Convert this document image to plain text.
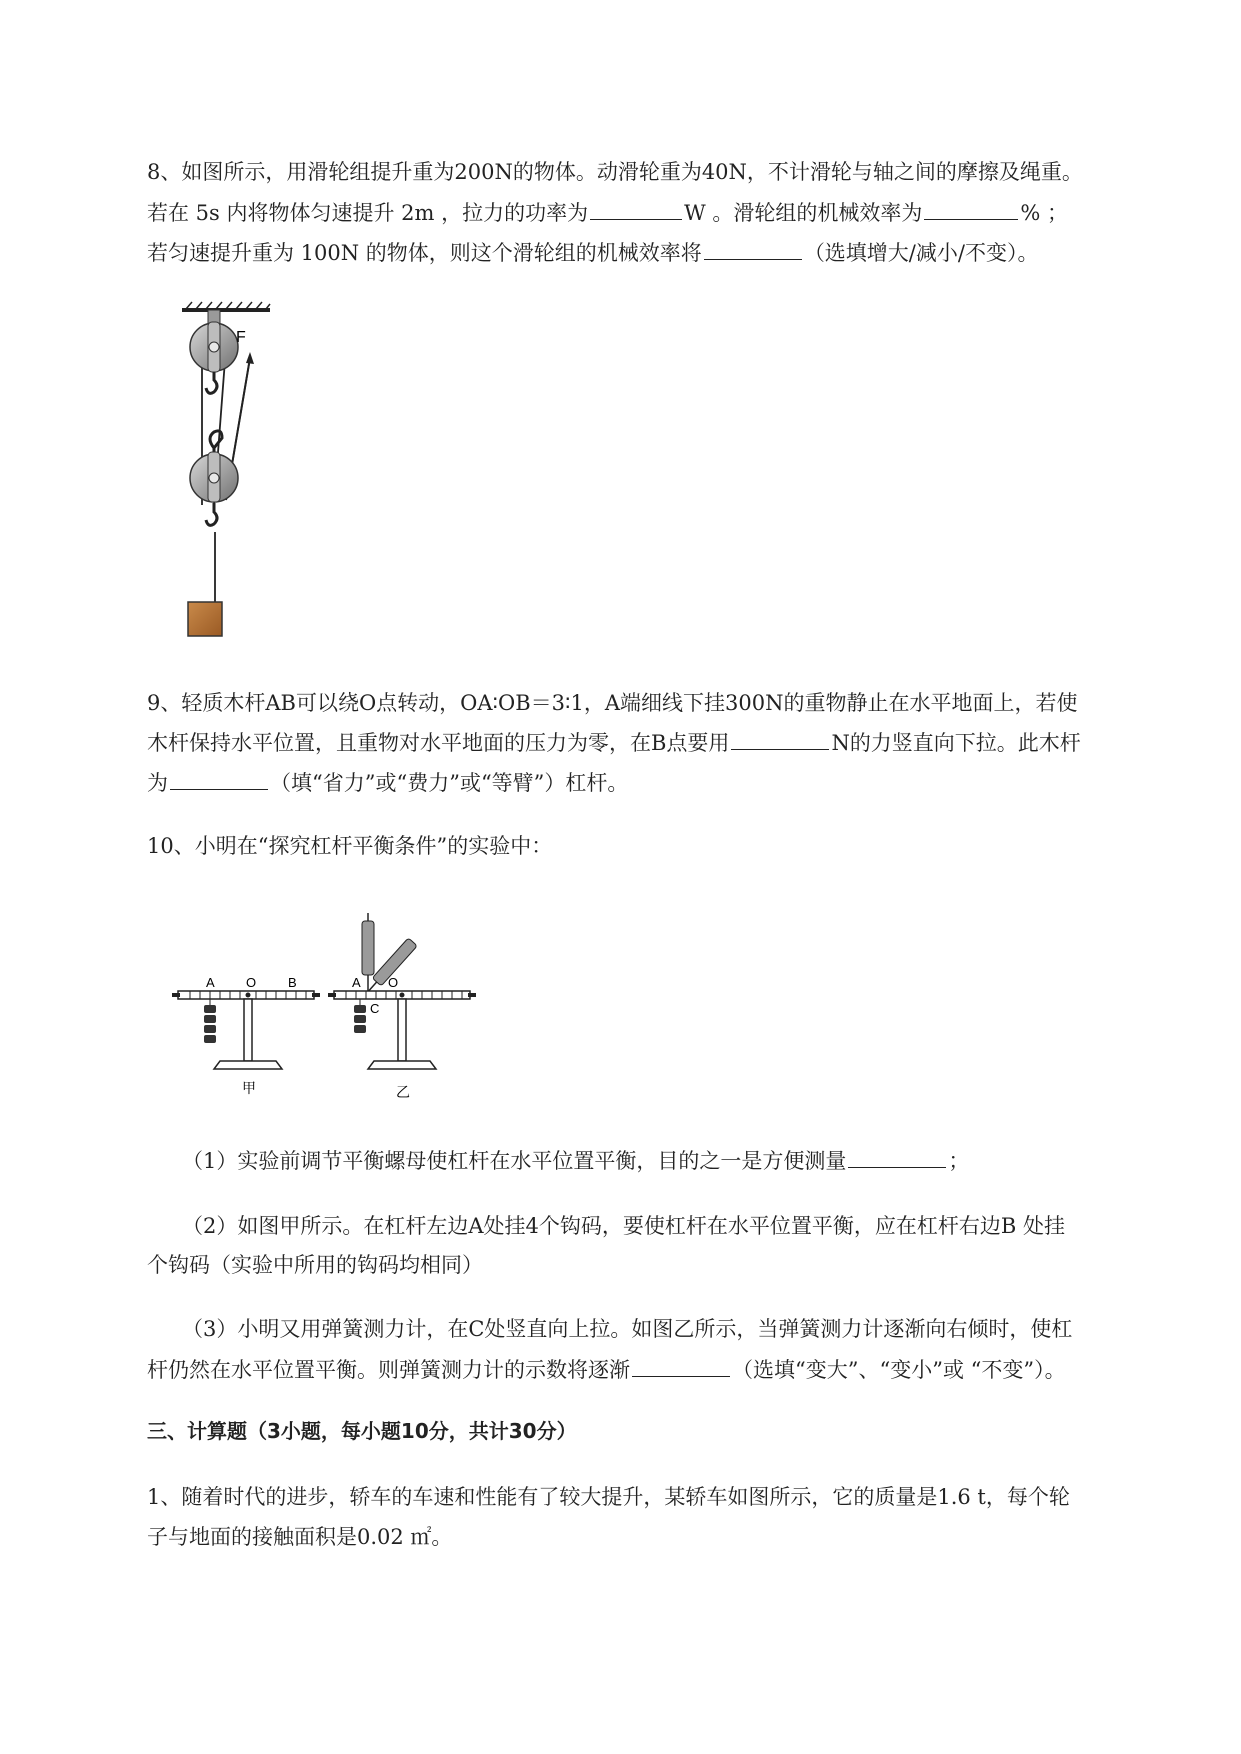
8、如图所示，用滑轮组提升重为200N的物体。动滑轮重为40N，不计滑轮与轴之间的摩擦及绳重。
若在 5s 内将物体匀速提升 2m ，拉力的功率为	W 。滑轮组的机械效率为	% ；
若匀速提升重为 100N 的物体，则这个滑轮组的机械效率将	（选填增大/减小/不变）。
F
9、轻质木杆AB可以绕O点转动，OA∶OB＝3∶1，A端细线下挂300N的重物静止在水平地面上，若使
木杆保持水平位置，且重物对水平地面的压力为零，在B点要用	N的力竖直向下拉。此木杆
为	（填“省力”或“费力”或“等臂”）杠杆。
10、小明在“探究杠杆平衡条件”的实验中：
A O B
甲
A O
C
乙
（1）实验前调节平衡螺母使杠杆在水平位置平衡，目的之一是方便测量	；
（2）如图甲所示。在杠杆左边A处挂4个钩码，要使杠杆在水平位置平衡，应在杠杆右边B 处挂
个钩码（实验中所用的钩码均相同）
（3）小明又用弹簧测力计，在C处竖直向上拉。如图乙所示，当弹簧测力计逐渐向右倾时，使杠
杆仍然在水平位置平衡。则弹簧测力计的示数将逐渐	（选填“变大”、“变小”或 “不变”）。
三、计算题（3小题，每小题10分，共计30分）
1、随着时代的进步，轿车的车速和性能有了较大提升，某轿车如图所示，它的质量是1.6 t，每个轮
子与地面的接触面积是0.02 ㎡。
